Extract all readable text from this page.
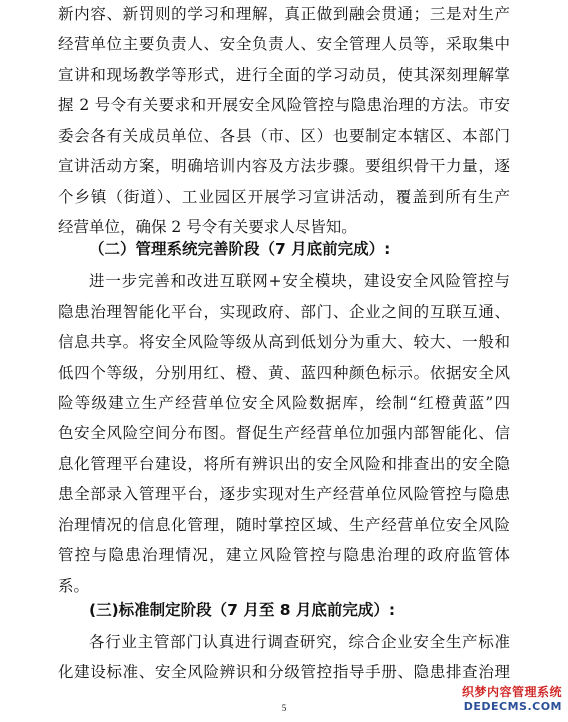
新内容、新罚则的学习和理解，真正做到融会贯通；三是对生产
经营单位主要负责人、安全负责人、安全管理人员等，采取集中
宣讲和现场教学等形式，进行全面的学习动员，使其深刻理解掌
握 2 号令有关要求和开展安全风险管控与隐患治理的方法。市安
委会各有关成员单位、各县（市、区）也要制定本辖区、本部门
宣讲活动方案，明确培训内容及方法步骤。要组织骨干力量，逐
个乡镇（街道）、工业园区开展学习宣讲活动，覆盖到所有生产
经营单位，确保 2 号令有关要求人尽皆知。
（二）管理系统完善阶段（7 月底前完成）:
进一步完善和改进互联网+安全模块，建设安全风险管控与
隐患治理智能化平台，实现政府、部门、企业之间的互联互通、
信息共享。将安全风险等级从高到低划分为重大、较大、一般和
低四个等级，分别用红、橙、黄、蓝四种颜色标示。依据安全风
险等级建立生产经营单位安全风险数据库，绘制“红橙黄蓝”四
色安全风险空间分布图。督促生产经营单位加强内部智能化、信
息化管理平台建设，将所有辨识出的安全风险和排查出的安全隐
患全部录入管理平台，逐步实现对生产经营单位风险管控与隐患
治理情况的信息化管理，随时掌控区域、生产经营单位安全风险
管控与隐患治理情况，建立风险管控与隐患治理的政府监管体
系。
(三)标准制定阶段（7 月至 8 月底前完成）:
各行业主管部门认真进行调查研究，综合企业安全生产标准
化建设标准、安全风险辨识和分级管控指导手册、隐患排查治理
5
织梦内容管理系统
DEDECMS.COM
